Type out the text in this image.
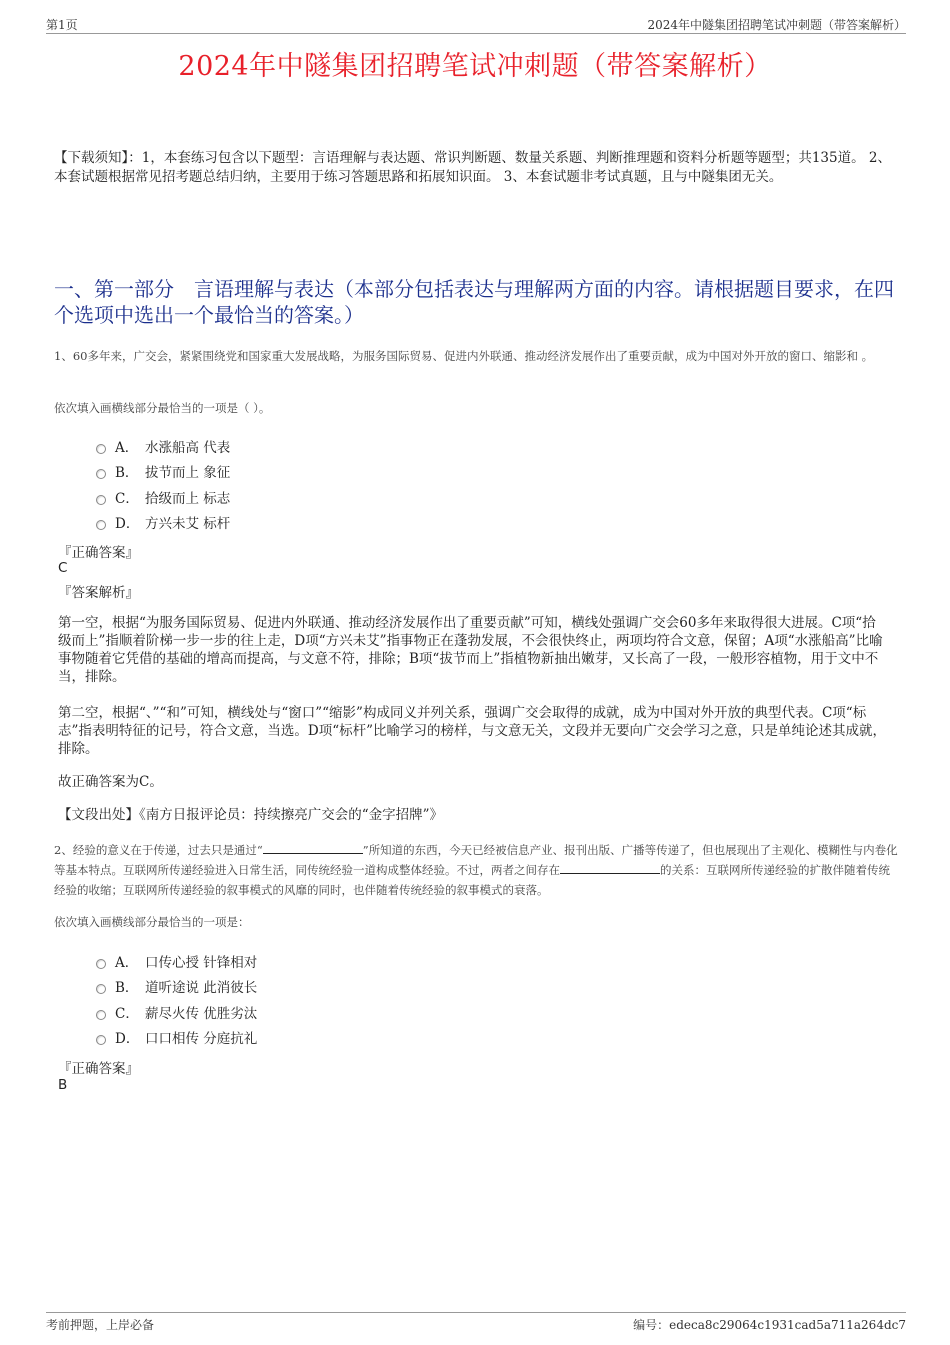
第1页	2024年中隧集团招聘笔试冲刺题（带答案解析）
2024年中隧集团招聘笔试冲刺题（带答案解析）
【下载须知】：1，本套练习包含以下题型：言语理解与表达题、常识判断题、数量关系题、判断推理题和资料分析题等题型；共135道。 2、本套试题根据常见招考题总结归纳，主要用于练习答题思路和拓展知识面。 3、本套试题非考试真题，且与中隧集团无关。
一、第一部分　言语理解与表达（本部分包括表达与理解两方面的内容。请根据题目要求，在四个选项中选出一个最恰当的答案。）
1、60多年来，广交会，紧紧围绕党和国家重大发展战略，为服务国际贸易、促进内外联通、推动经济发展作出了重要贡献，成为中国对外开放的窗口、缩影和 。
依次填入画横线部分最恰当的一项是（ ）。
A． 水涨船高 代表
B． 拔节而上 象征
C． 拾级而上 标志
D． 方兴未艾 标杆
『正确答案』
C
『答案解析』
第一空，根据“为服务国际贸易、促进内外联通、推动经济发展作出了重要贡献”可知，横线处强调广交会60多年来取得很大进展。C项“拾级而上”指顺着阶梯一步一步的往上走，D项“方兴未艾”指事物正在蓬勃发展，不会很快终止，两项均符合文意，保留；A项“水涨船高”比喻事物随着它凭借的基础的增高而提高，与文意不符，排除；B项“拔节而上”指植物新抽出嫩芽，又长高了一段，一般形容植物，用于文中不当，排除。
第二空，根据“、”“和”可知，横线处与“窗口”“缩影”构成同义并列关系，强调广交会取得的成就，成为中国对外开放的典型代表。C项“标志”指表明特征的记号，符合文意，当选。D项“标杆”比喻学习的榜样，与文意无关，文段并无要向广交会学习之意，只是单纯论述其成就，排除。
故正确答案为C。
【文段出处】《南方日报评论员：持续擦亮广交会的“金字招牌”》
2、经验的意义在于传递，过去只是通过“	”所知道的东西，今天已经被信息产业、报刊出版、广播等传递了，但也展现出了主观化、模糊性与内卷化等基本特点。互联网所传递经验进入日常生活，同传统经验一道构成整体经验。不过，两者之间存在	的关系：互联网所传递经验的扩散伴随着传统经验的收缩；互联网所传递经验的叙事模式的风靡的同时，也伴随着传统经验的叙事模式的衰落。
依次填入画横线部分最恰当的一项是：
A． 口传心授 针锋相对
B． 道听途说 此消彼长
C． 薪尽火传 优胜劣汰
D． 口口相传 分庭抗礼
『正确答案』
B
考前押题，上岸必备	编号：edeca8c29064c1931cad5a711a264dc7
